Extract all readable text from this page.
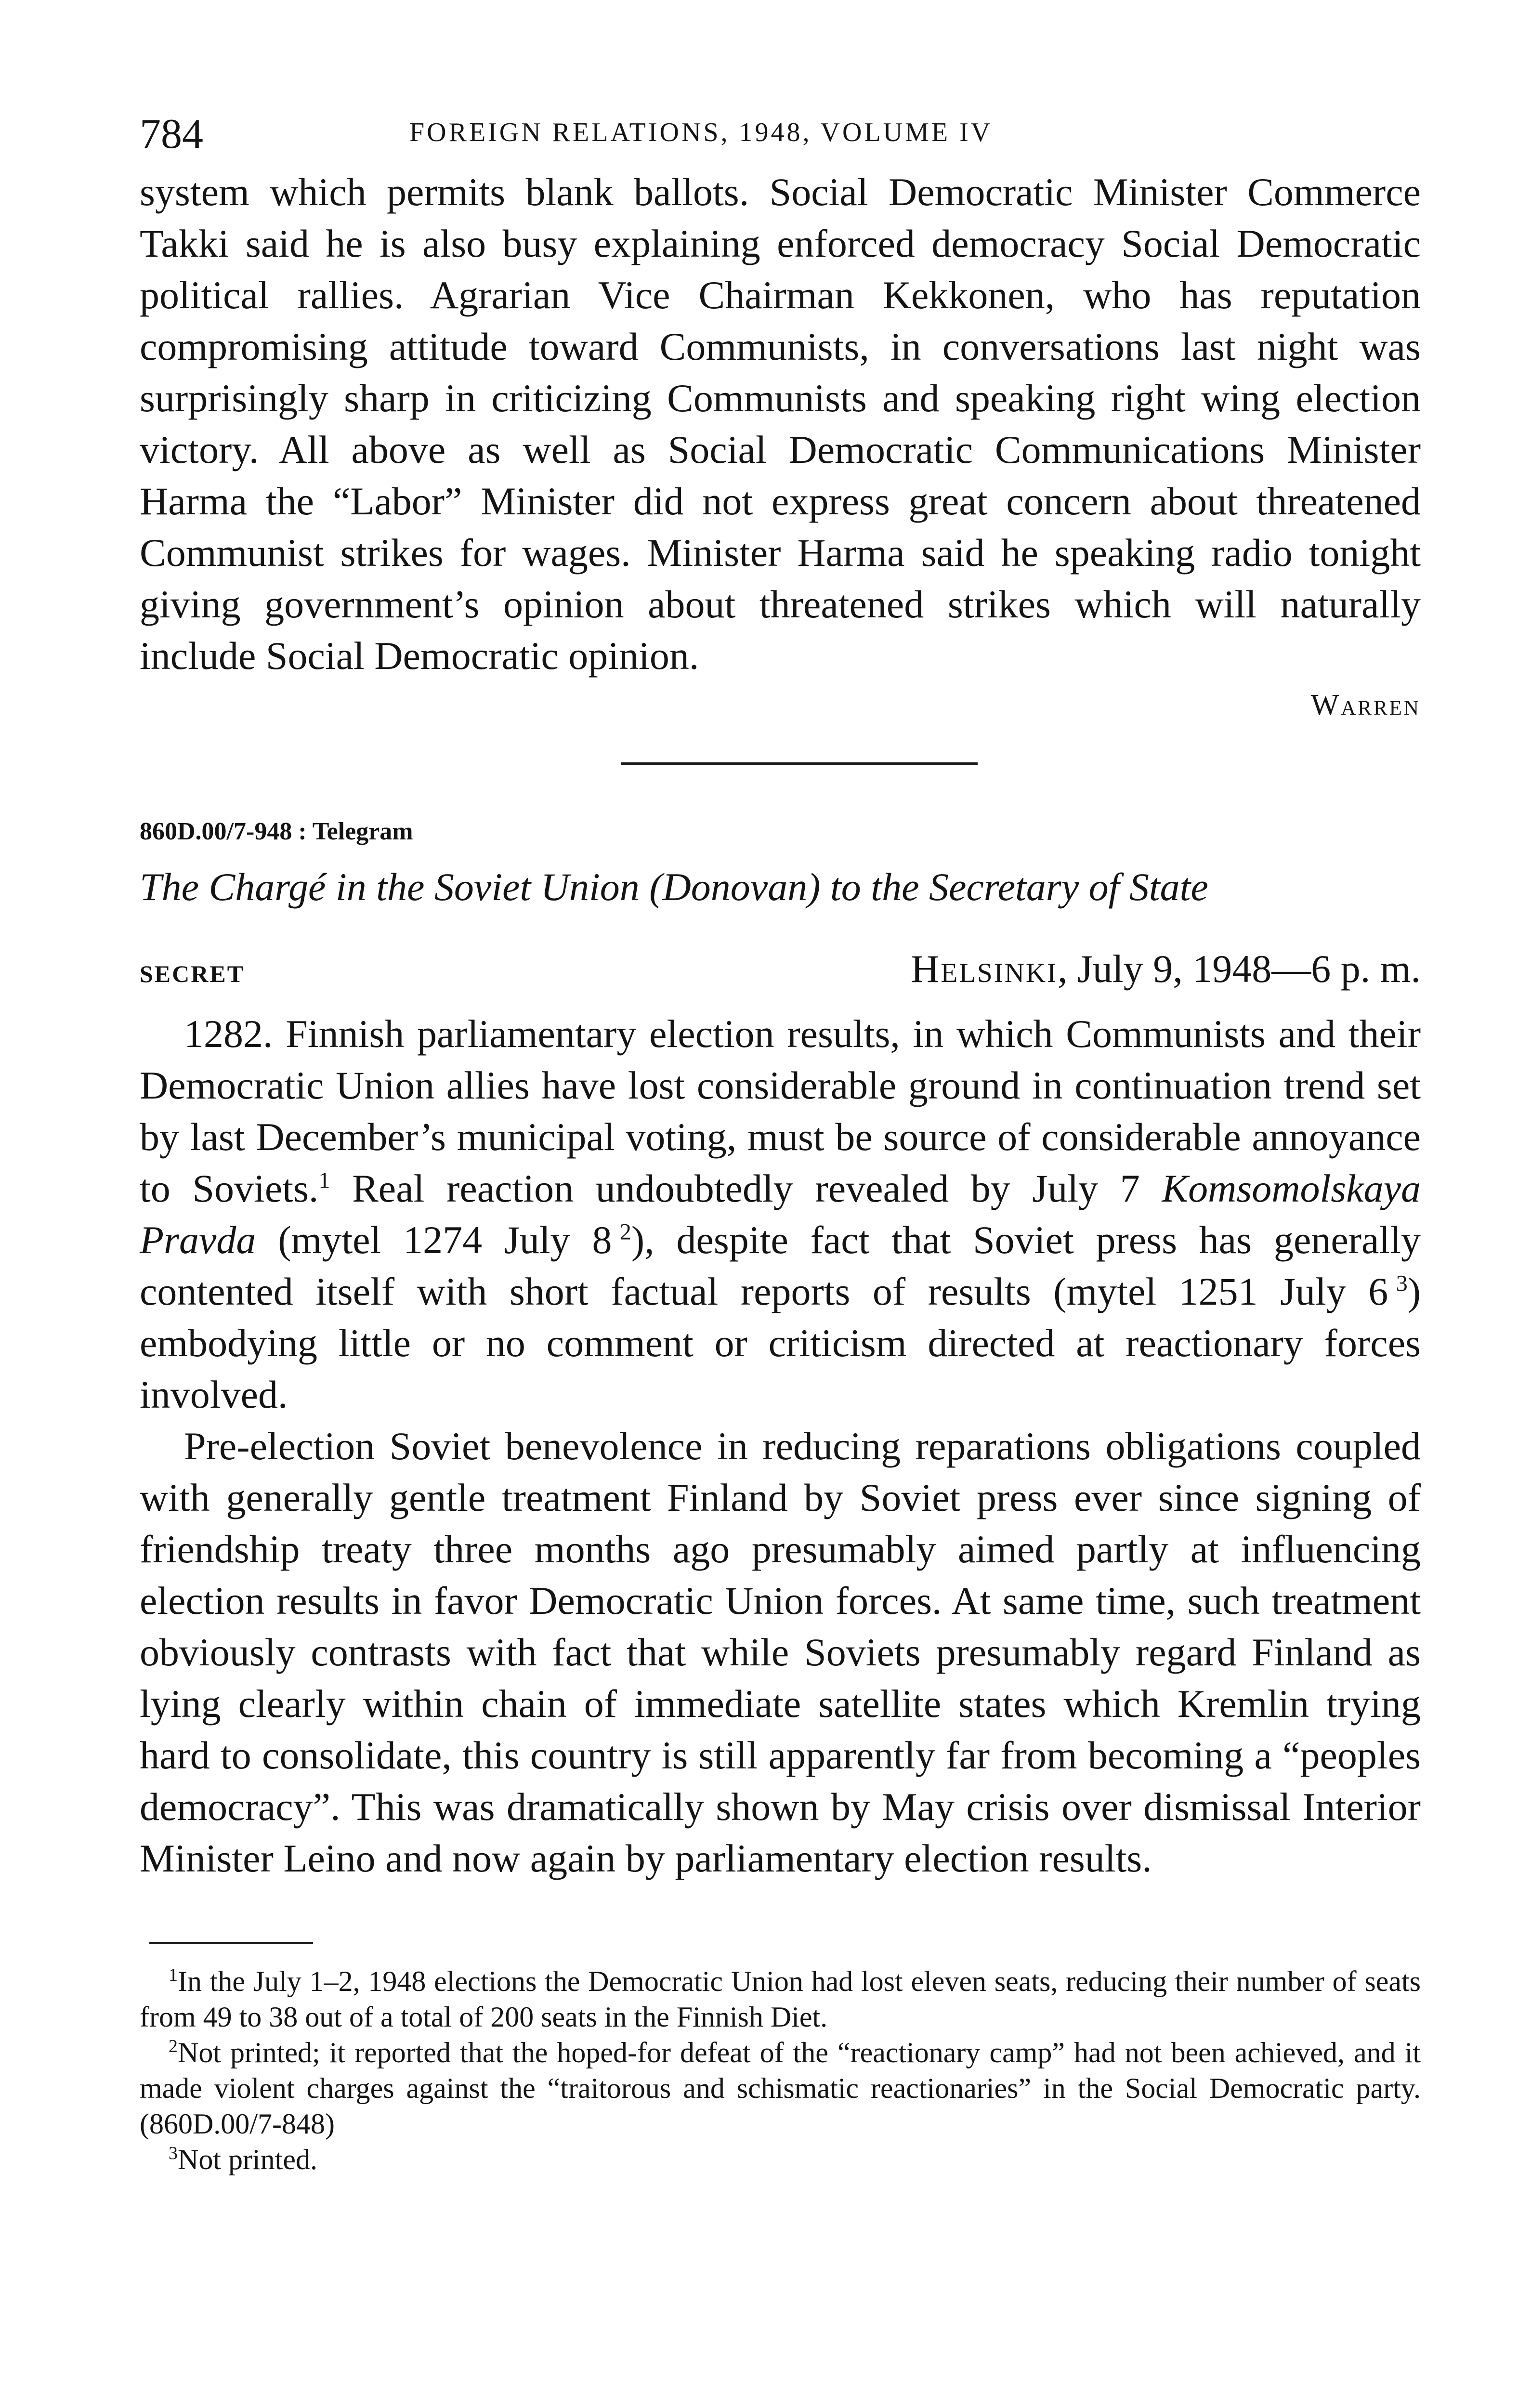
784	FOREIGN RELATIONS, 1948, VOLUME IV

system which permits blank ballots. Social Democratic Minister Commerce Takki said he is also busy explaining enforced democracy Social Democratic political rallies. Agrarian Vice Chairman Kekkonen, who has reputation compromising attitude toward Communists, in conversations last night was surprisingly sharp in criticizing Communists and speaking right wing election victory. All above as well as Social Democratic Communications Minister Harma the “Labor” Minister did not express great concern about threatened Communist strikes for wages. Minister Harma said he speaking radio tonight giving government’s opinion about threatened strikes which will naturally include Social Democratic opinion.

Warren
860D.00/7-948 : Telegram
The Chargé in the Soviet Union (Donovan) to the Secretary of State
SECRET	Helsinki, July 9, 1948—6 p. m.

1282. Finnish parliamentary election results, in which Communists and their Democratic Union allies have lost considerable ground in continuation trend set by last December’s municipal voting, must be source of considerable annoyance to Soviets.$^1$ Real reaction undoubtedly revealed by July 7 Komsomolskaya Pravda (mytel 1274 July 8  $^2$), despite fact that Soviet press has generally contented itself with short factual reports of results (mytel 1251 July 6  $^3$) embodying little or no comment or criticism directed at reactionary forces involved.

Pre-election Soviet benevolence in reducing reparations obligations coupled with generally gentle treatment Finland by Soviet press ever since signing of friendship treaty three months ago presumably aimed partly at influencing election results in favor Democratic Union forces. At same time, such treatment obviously contrasts with fact that while Soviets presumably regard Finland as lying clearly within chain of immediate satellite states which Kremlin trying hard to consolidate, this country is still apparently far from becoming a “peoples democracy”. This was dramatically shown by May crisis over dismissal Interior Minister Leino and now again by parliamentary election results.

$^1$In the July 1–2, 1948 elections the Democratic Union had lost eleven seats, reducing their number of seats from 49 to 38 out of a total of 200 seats in the Finnish Diet.

$^2$Not printed; it reported that the hoped-for defeat of the “reactionary camp” had not been achieved, and it made violent charges against the “traitorous and schismatic reactionaries” in the Social Democratic party. (860D.00/7-848)

$^3$Not printed.
